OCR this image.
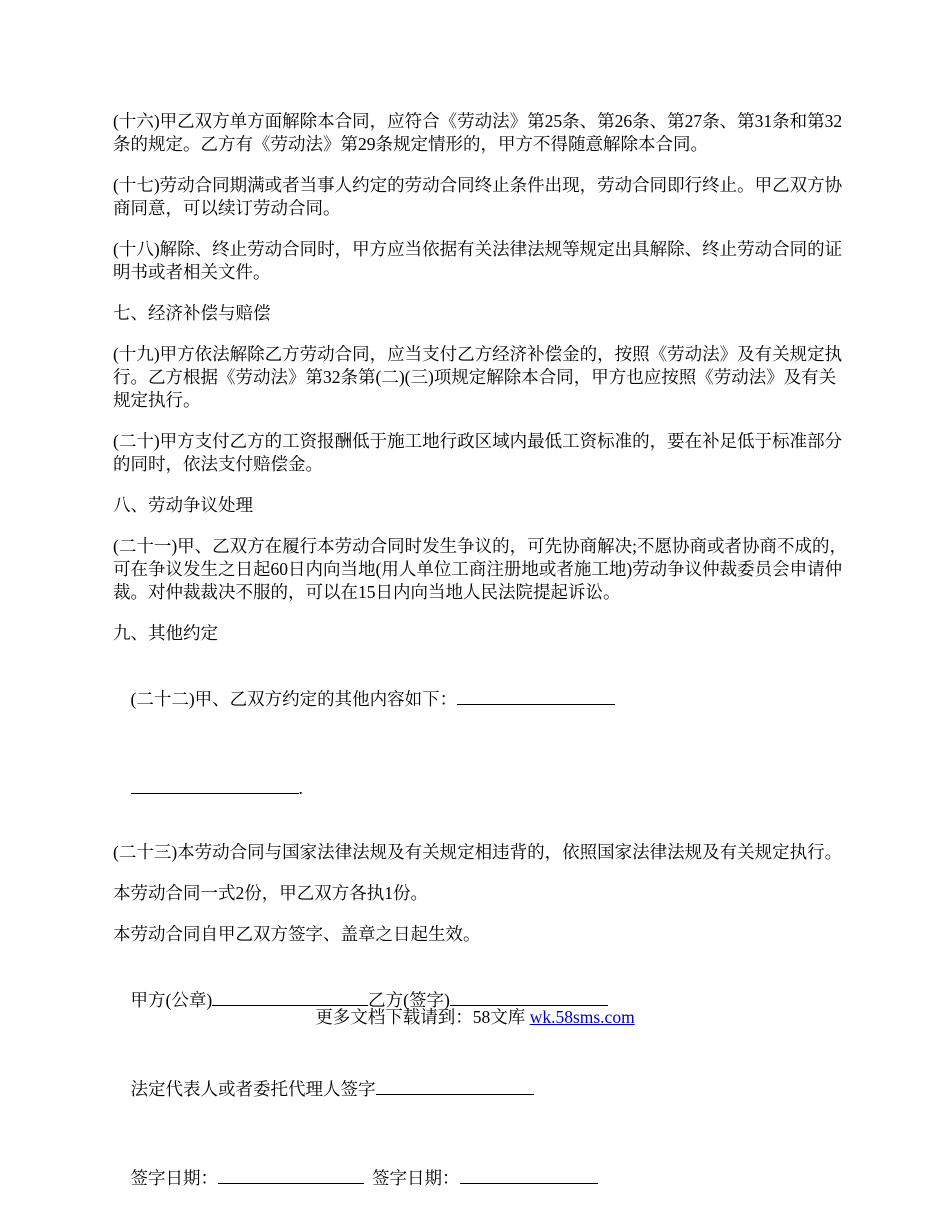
(十六)甲乙双方单方面解除本合同，应符合《劳动法》第25条、第26条、第27条、第31条和第32条的规定。乙方有《劳动法》第29条规定情形的，甲方不得随意解除本合同。

(十七)劳动合同期满或者当事人约定的劳动合同终止条件出现，劳动合同即行终止。甲乙双方协商同意，可以续订劳动合同。

(十八)解除、终止劳动合同时，甲方应当依据有关法律法规等规定出具解除、终止劳动合同的证明书或者相关文件。

七、经济补偿与赔偿

(十九)甲方依法解除乙方劳动合同，应当支付乙方经济补偿金的，按照《劳动法》及有关规定执行。乙方根据《劳动法》第32条第(二)(三)项规定解除本合同，甲方也应按照《劳动法》及有关规定执行。

(二十)甲方支付乙方的工资报酬低于施工地行政区域内最低工资标准的，要在补足低于标准部分的同时，依法支付赔偿金。

八、劳动争议处理

(二十一)甲、乙双方在履行本劳动合同时发生争议的，可先协商解决;不愿协商或者协商不成的，可在争议发生之日起60日内向当地(用人单位工商注册地或者施工地)劳动争议仲裁委员会申请仲裁。对仲裁裁决不服的，可以在15日内向当地人民法院提起诉讼。

九、其他约定

(二十二)甲、乙双方约定的其他内容如下：

.

(二十三)本劳动合同与国家法律法规及有关规定相违背的，依照国家法律法规及有关规定执行。

本劳动合同一式2份，甲乙双方各执1份。

本劳动合同自甲乙双方签字、盖章之日起生效。

甲方(公章)	乙方(签字)

法定代表人或者委托代理人签字

签字日期：	签字日期：

更多文档下载请到：58文库 wk.58sms.com
